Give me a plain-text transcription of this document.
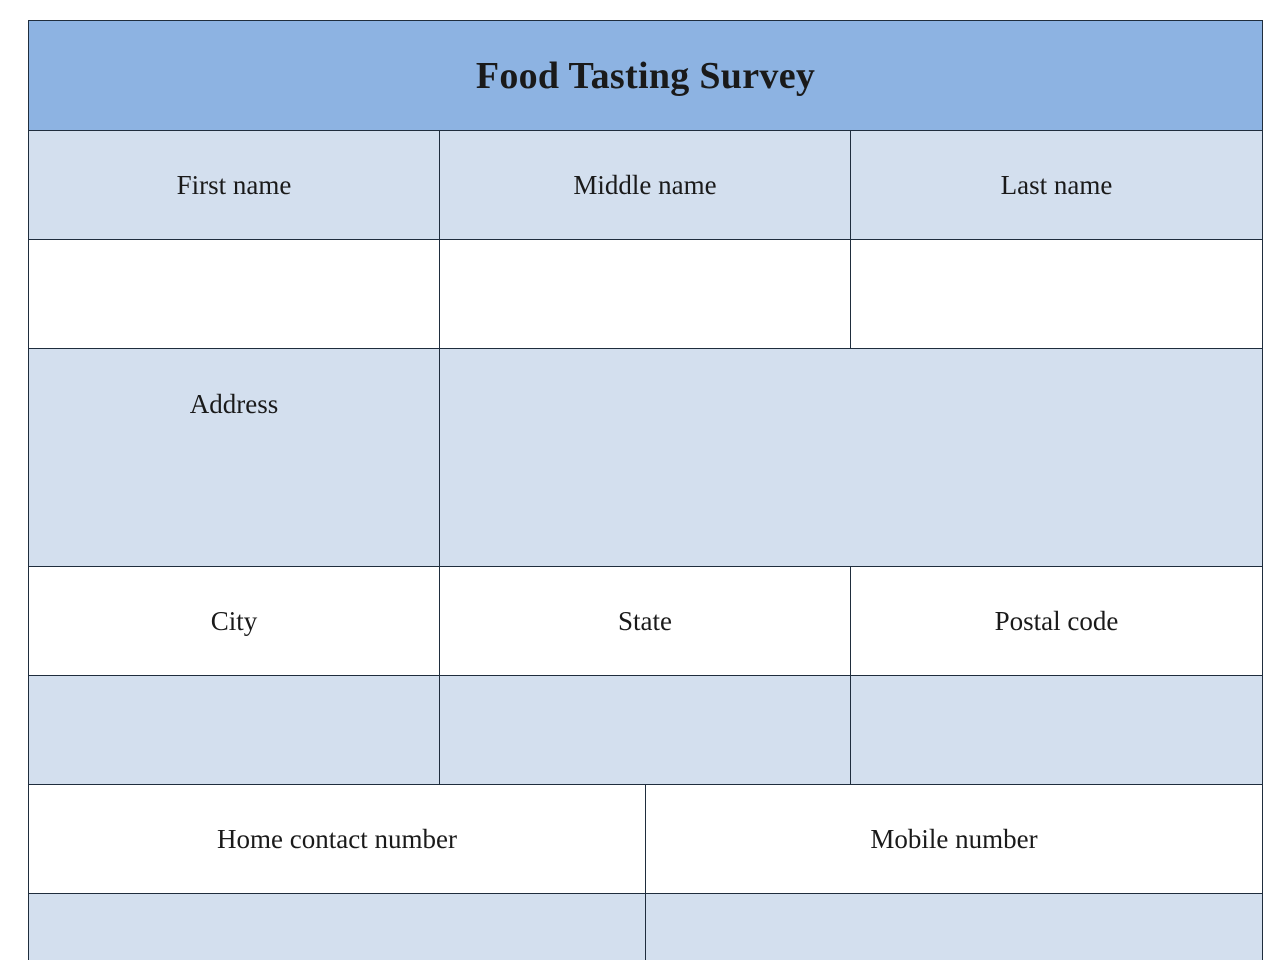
Food Tasting Survey
First name	Middle name	Last name
Address
City	State	Postal code
Home contact number	Mobile number
